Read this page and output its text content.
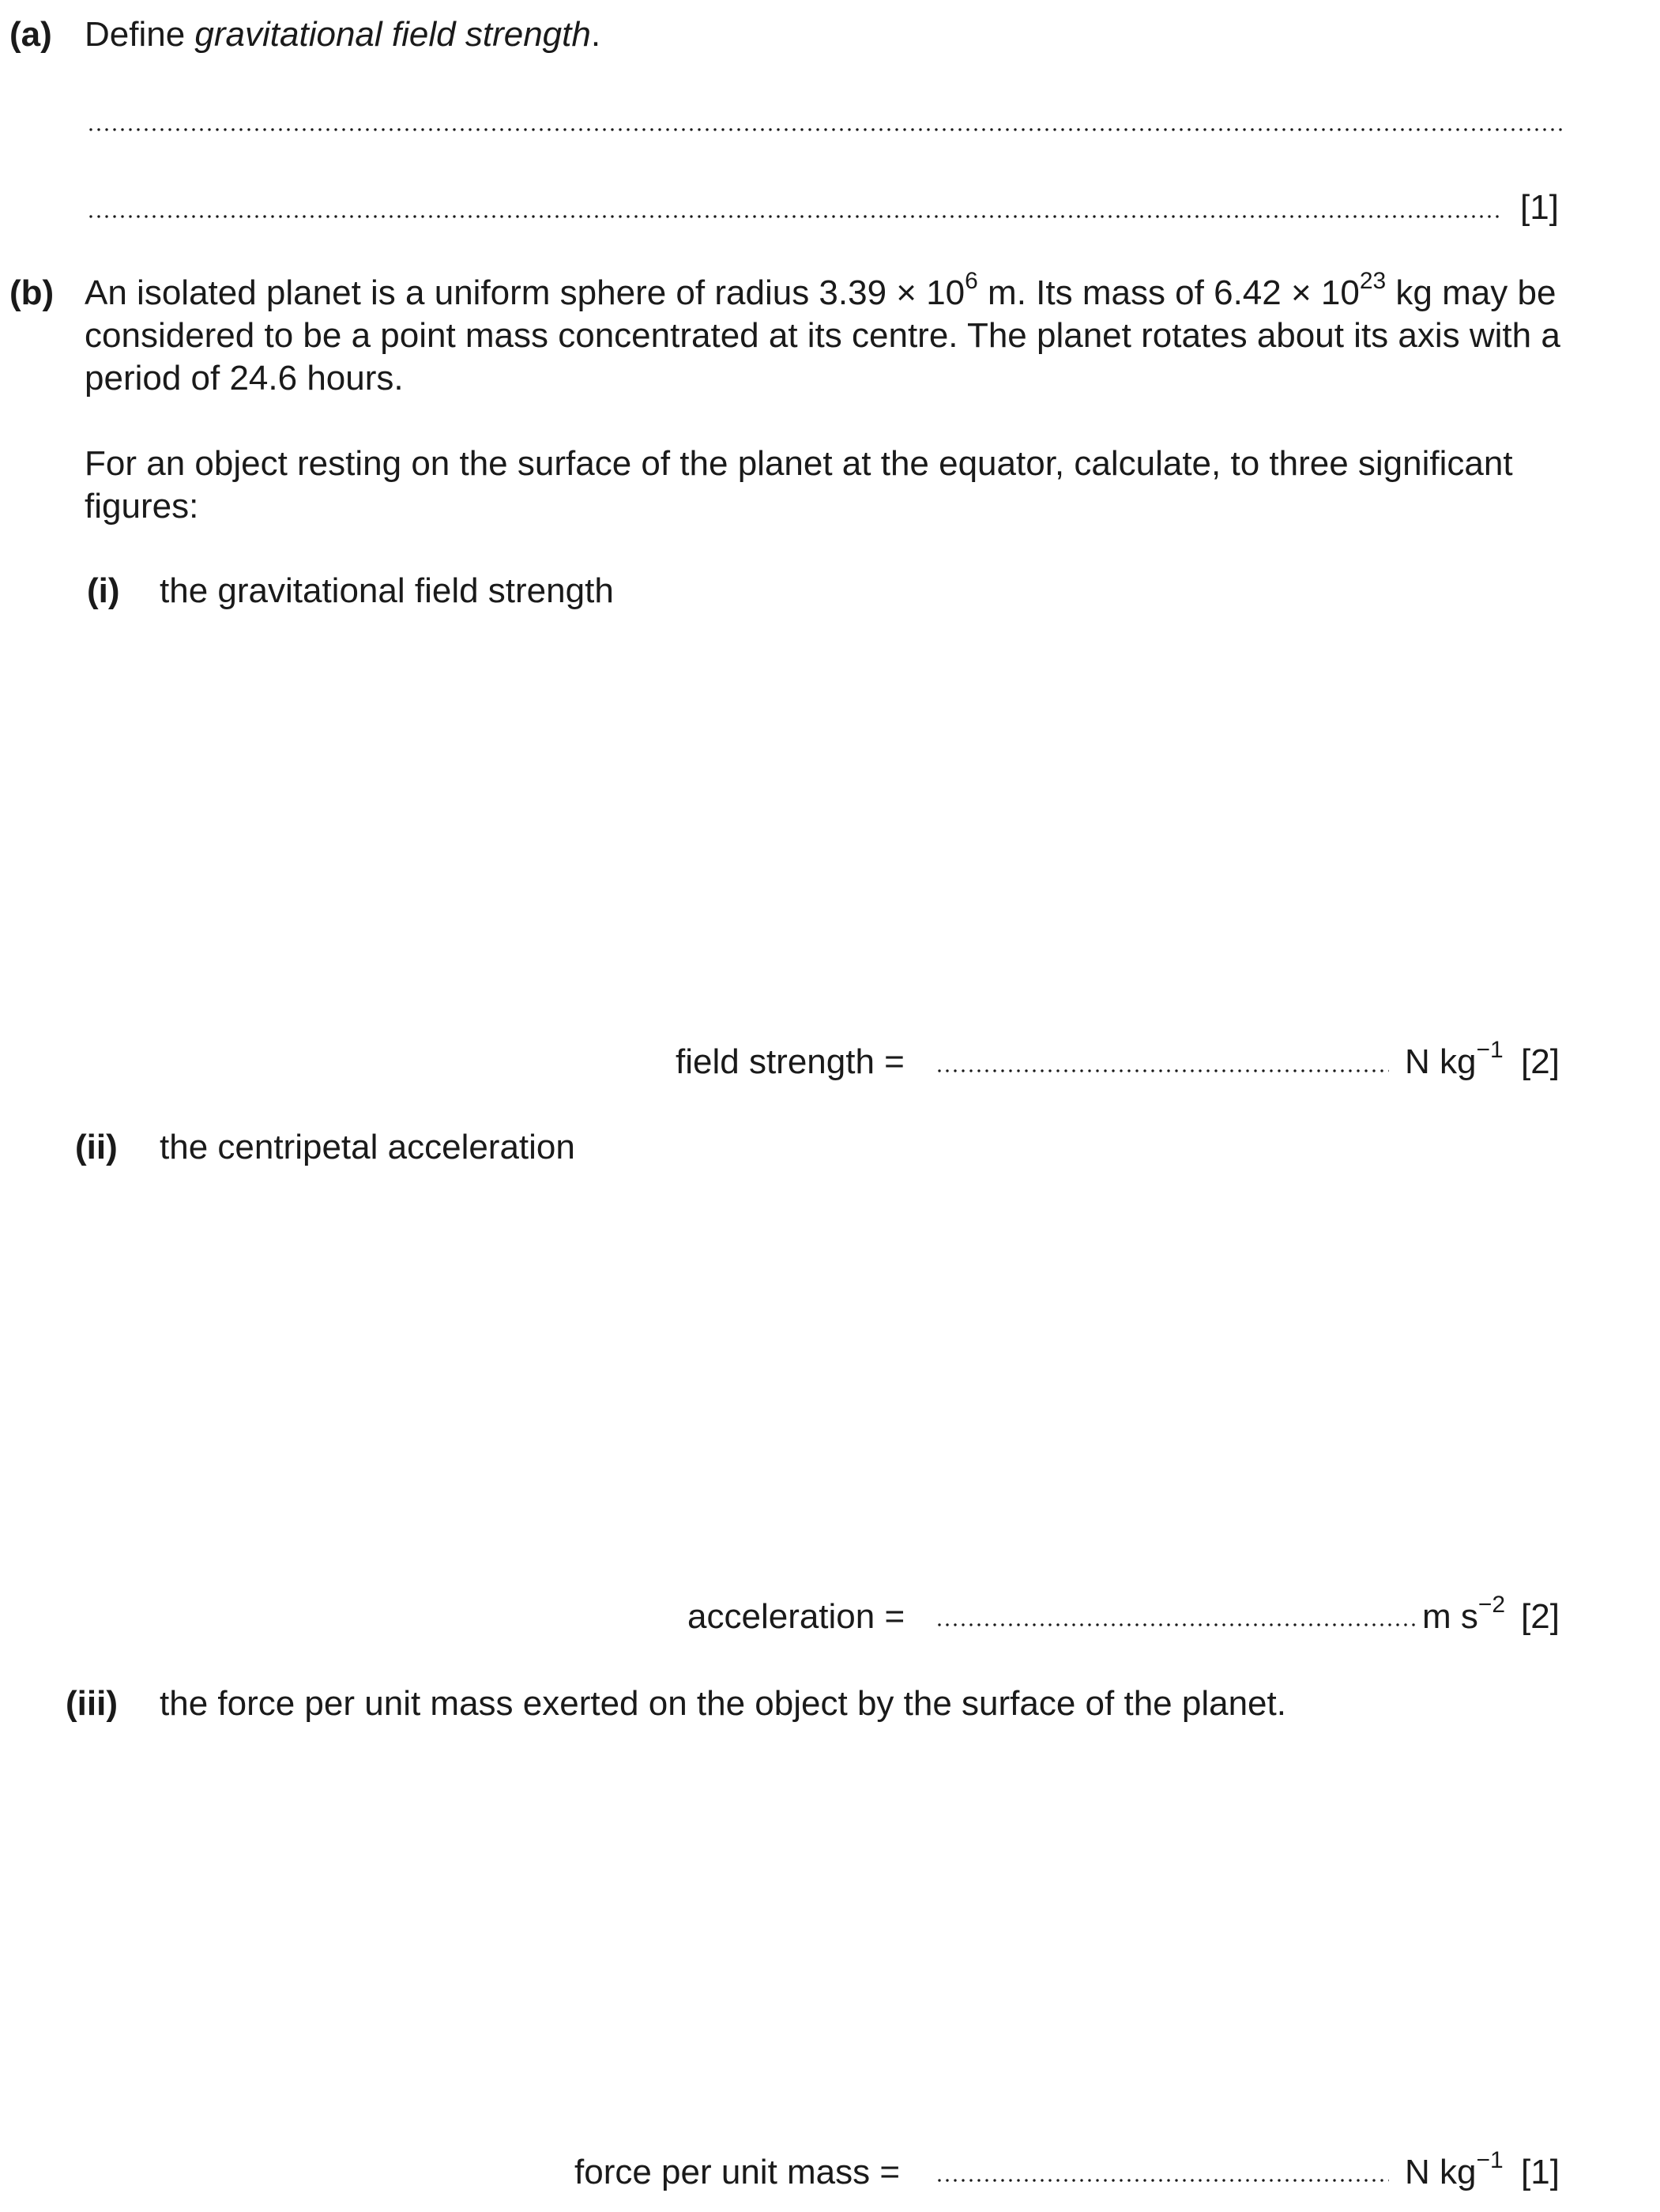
(a) Define gravitational field strength.
[1]
(b) An isolated planet is a uniform sphere of radius $3.39 \times 10^6$ m. Its mass of $6.42 \times 10^{23}$ kg may be considered to be a point mass concentrated at its centre. The planet rotates about its axis with a period of 24.6 hours.
For an object resting on the surface of the planet at the equator, calculate, to three significant figures:
(i) the gravitational field strength
field strength =	N $kg^{-1}$ [2]
(ii) the centripetal acceleration
acceleration =	m $s^{-2}$ [2]
(iii) the force per unit mass exerted on the object by the surface of the planet.
force per unit mass =	N $kg^{-1}$ [1]
